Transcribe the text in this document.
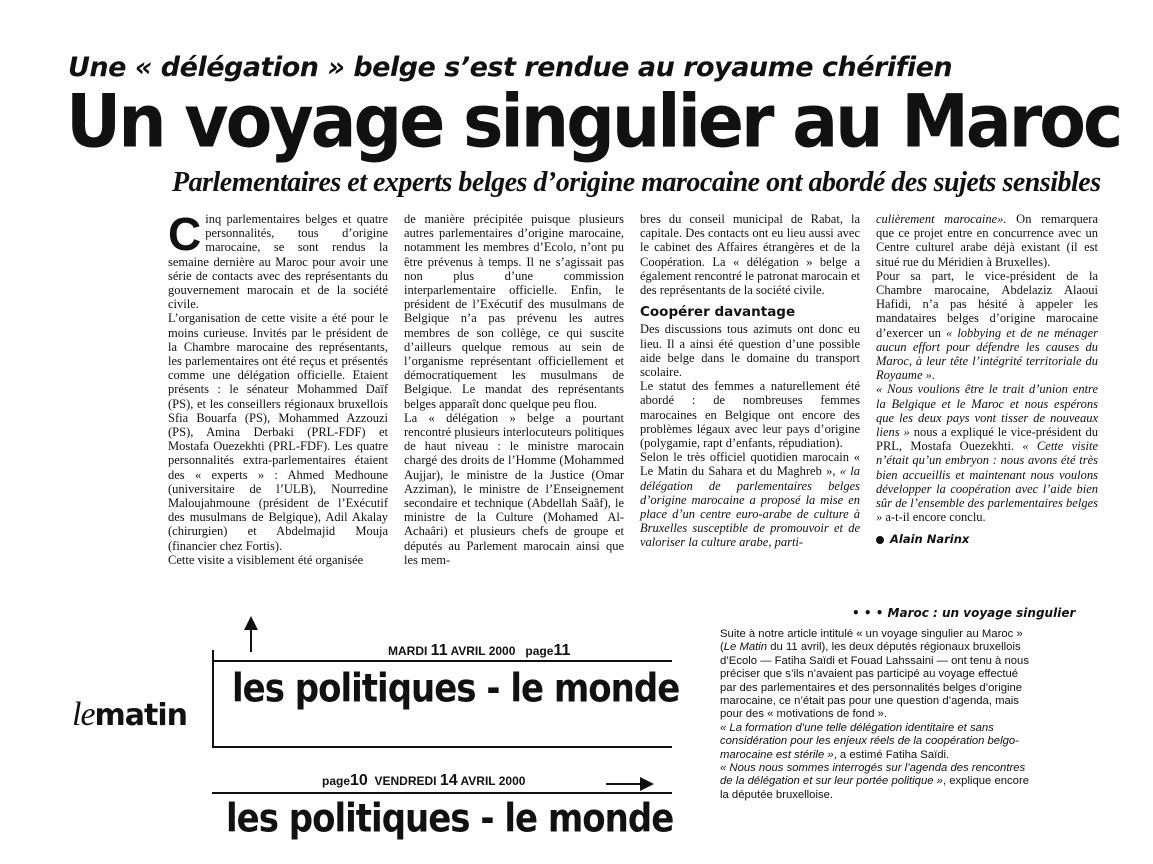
Une « délégation » belge s’est rendue au royaume chérifien
Un voyage singulier au Maroc
Parlementaires et experts belges d’origine marocaine ont abordé des sujets sensibles

Cinq parlementaires belges et quatre personnalités, tous d’origine marocaine, se sont rendus la semaine dernière au Maroc pour avoir une série de contacts avec des représentants du gouvernement marocain et de la société civile.

L’organisation de cette visite a été pour le moins curieuse. Invités par le président de la Chambre marocaine des représentants, les parlementaires ont été reçus et présentés comme une délégation officielle. Etaient présents : le sénateur Mohammed Daïf (PS), et les conseillers régionaux bruxellois Sfia Bouarfa (PS), Mohammed Azzouzi (PS), Amina Derbaki (PRL-FDF) et Mostafa Ouezekhti (PRL-FDF). Les quatre personnalités extra-parlementaires étaient des « experts » : Ahmed Medhoune (universitaire de l’ULB), Nourredine Maloujahmoune (président de l’Exécutif des musulmans de Belgique), Adil Akalay (chirurgien) et Abdelmajid Mouja (financier chez Fortis).

Cette visite a visiblement été organisée

de manière précipitée puisque plusieurs autres parlementaires d’origine marocaine, notamment les membres d’Ecolo, n’ont pu être prévenus à temps. Il ne s’agissait pas non plus d’une commission interparlementaire officielle. Enfin, le président de l’Exécutif des musulmans de Belgique n’a pas prévenu les autres membres de son collège, ce qui suscite d’ailleurs quelque remous au sein de l’organisme représentant officiellement et démocratiquement les musulmans de Belgique. Le mandat des représentants belges apparaît donc quelque peu flou.

La « délégation » belge a pourtant rencontré plusieurs interlocuteurs politiques de haut niveau : le ministre marocain chargé des droits de l’Homme (Mohammed Aujjar), le ministre de la Justice (Omar Azziman), le ministre de l’Enseignement secondaire et technique (Abdellah Saâf), le ministre de la Culture (Mohamed Al-Achaâri) et plusieurs chefs de groupe et députés au Parlement marocain ainsi que les mem-

bres du conseil municipal de Rabat, la capitale. Des contacts ont eu lieu aussi avec le cabinet des Affaires étrangères et de la Coopération. La « délégation » belge a également rencontré le patronat marocain et des représentants de la société civile.

Coopérer davantage

Des discussions tous azimuts ont donc eu lieu. Il a ainsi été question d’une possible aide belge dans le domaine du transport scolaire.

Le statut des femmes a naturellement été abordé : de nombreuses femmes marocaines en Belgique ont encore des problèmes légaux avec leur pays d’origine (polygamie, rapt d’enfants, répudiation).

Selon le très officiel quotidien marocain « Le Matin du Sahara et du Maghreb », « la délégation de parlementaires belges d’origine marocaine a proposé la mise en place d’un centre euro-arabe de culture à Bruxelles susceptible de promouvoir et de valoriser la culture arabe, parti-

culièrement marocaine». On remarquera que ce projet entre en concurrence avec un Centre culturel arabe déjà existant (il est situé rue du Méridien à Bruxelles).

Pour sa part, le vice-président de la Chambre marocaine, Abdelaziz Alaoui Hafidi, n’a pas hésité à appeler les mandataires belges d’origine marocaine d’exercer un « lobbying et de ne ménager aucun effort pour défendre les causes du Maroc, à leur tête l’intégrité territoriale du Royaume ».

« Nous voulions être le trait d’union entre la Belgique et le Maroc et nous espérons que les deux pays vont tisser de nouveaux liens » nous a expliqué le vice-président du PRL, Mostafa Ouezekhti. « Cette visite n’était qu’un embryon : nous avons été très bien accueillis et maintenant nous voulons développer la coopération avec l’aide bien sûr de l’ensemble des parlementaires belges » a-t-il encore conclu.

Alain Narinx
MARDI 11 AVRIL 2000 page11
les politiques - le monde
lematin
page10 VENDREDI 14 AVRIL 2000
les politiques - le monde
• • • Maroc : un voyage singulier

Suite à notre article intitulé « un voyage singulier au Maroc » (Le Matin du 11 avril), les deux députés régionaux bruxellois d’Ecolo — Fatiha Saïdi et Fouad Lahssaini — ont tenu à nous préciser que s’ils n’avaient pas participé au voyage effectué par des parlementaires et des personnalités belges d’origine marocaine, ce n’était pas pour une question d’agenda, mais pour des « motivations de fond ».

« La formation d’une telle délégation identitaire et sans considération pour les enjeux réels de la coopération belgo-marocaine est stérile », a estimé Fatiha Saïdi.

« Nous nous sommes interrogés sur l’agenda des rencontres de la délégation et sur leur portée politique », explique encore la députée bruxelloise.
